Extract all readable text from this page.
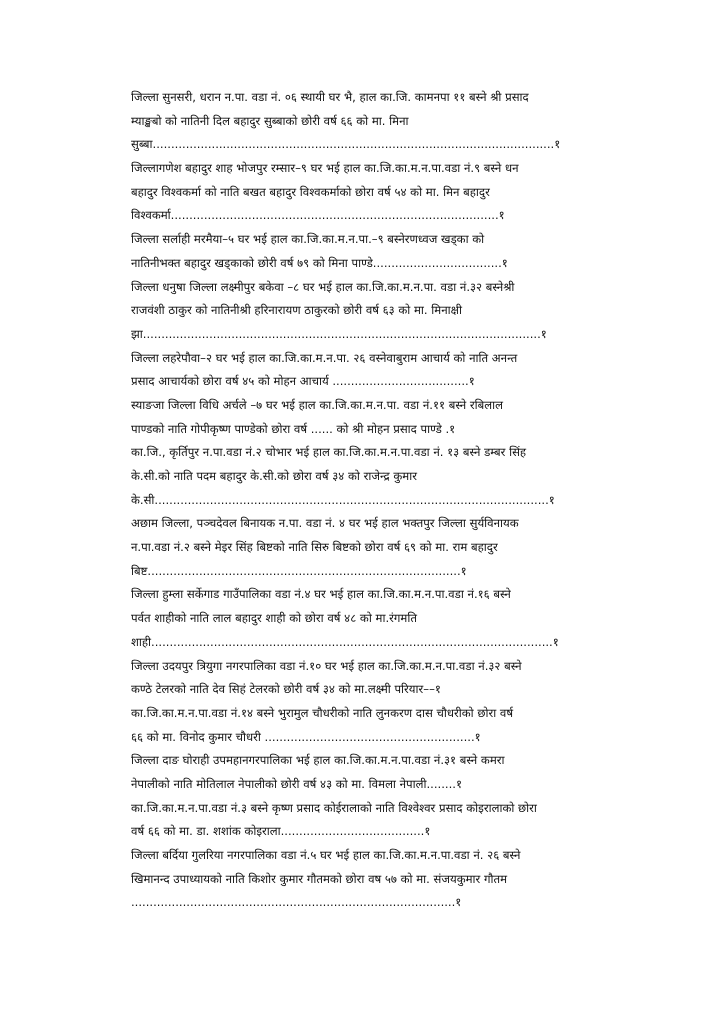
जिल्ला सुनसरी, धरान न.पा. वडा नं. ०६ स्थायी घर भै, हाल का.जि. कामनपा ११ बस्ने श्री प्रसाद
म्याङ्खबो को नातिनी दिल बहादुर सुब्बाको छोरी वर्ष ६६ को मा. मिना
सुब्बा.............................................................................................................१
जिल्लागणेश बहादुर शाह भोजपुर रम्सार–९ घर भई हाल का.जि.का.म.न.पा.वडा नं.९ बस्ने धन
बहादुर विश्वकर्मा को नाति बखत बहादुर विश्वकर्माको छोरा वर्ष ५४ को मा. मिन बहादुर
विश्वकर्मा.........................................................................................१
जिल्ला सर्लाही मरमैया–५ घर भई हाल का.जि.का.म.न.पा.–९ बस्नेरणध्वज खड्का को
नातिनीभक्त बहादुर खड्काको छोरी वर्ष ७९ को मिना पाण्डे...................................१
जिल्ला धनुषा जिल्ला लक्ष्मीपुर बकेवा –८ घर भई हाल का.जि.का.म.न.पा. वडा नं.३२ बस्नेश्री
राजवंशी ठाकुर को नातिनीश्री हरिनारायण ठाकुरको छोरी वर्ष ६३ को मा. मिनाक्षी
झा............................................................................................................१
जिल्ला लहरेपौवा–२ घर भई हाल का.जि.का.म.न.पा. २६ वस्नेवाबुराम आचार्य को नाति अनन्त
प्रसाद आचार्यको छोरा वर्ष ४५ को मोहन आचार्य .....................................१
स्याङजा जिल्ला विधि अर्चले –७ घर भई हाल का.जि.का.म.न.पा. वडा नं.११ बस्ने रबिलाल
पाण्डको नाति गोपीकृष्ण पाण्डेको छोरा वर्ष ...... को श्री मोहन प्रसाद पाण्डे .१
का.जि., कृर्तिपुर न.पा.वडा नं.२ चोभार भई हाल का.जि.का.म.न.पा.वडा नं. १३ बस्ने डम्बर सिंह
के.सी.को नाति पदम बहादुर के.सी.को छोरा वर्ष ३४ को राजेन्द्र कुमार
के.सी...........................................................................................................१
अछाम जिल्ला, पञ्चदेवल बिनायक न.पा. वडा नं. ४ घर भई हाल भक्तपुर जिल्ला सुर्यविनायक
न.पा.वडा नं.२ बस्ने मेइर सिंह बिष्टको नाति सिरु बिष्टको छोरा वर्ष ६९ को मा. राम बहादुर
बिष्ट.....................................................................................१
जिल्ला हुम्ला सर्केगाड गाउँपालिका वडा नं.४ घर भई हाल का.जि.का.म.न.पा.वडा नं.१६ बस्ने
पर्वत शाहीको नाति लाल बहादुर शाही को छोरा वर्ष ४८ को मा.रंगमति
शाही.............................................................................................................१
जिल्ला उदयपुर त्रियुगा नगरपालिका वडा नं.१० घर भई हाल का.जि.का.म.न.पा.वडा नं.३२ बस्ने
कण्ठे टेलरको नाति देव सिहं टेलरको छोरी वर्ष ३४ को मा.लक्ष्मी परियार––१
का.जि.का.म.न.पा.वडा नं.१४ बस्ने भुरामुल चौधरीको नाति लुनकरण दास चौधरीको छोरा वर्ष
६६ को मा. विनोद कुमार चौधरी .........................................................१
जिल्ला दाङ घोराही उपमहानगरपालिका भई हाल का.जि.का.म.न.पा.वडा नं.३१ बस्ने कमरा
नेपालीको नाति मोतिलाल नेपालीको छोरी वर्ष ४३ को मा. विमला नेपाली........१
का.जि.का.म.न.पा.वडा नं.३ बस्ने कृष्ण प्रसाद कोईरालाको नाति विश्वेश्वर प्रसाद कोइरालाको छोरा
वर्ष ६६ को मा. डा. शशांक कोइराला.......................................१
जिल्ला बर्दिया गुलरिया नगरपालिका वडा नं.५ घर भई हाल का.जि.का.म.न.पा.वडा नं. २६ बस्ने
खिमानन्द उपाध्यायको नाति किशोर कुमार गौतमको छोरा वष ५७ को मा. संजयकुमार गौतम
........................................................................................१
